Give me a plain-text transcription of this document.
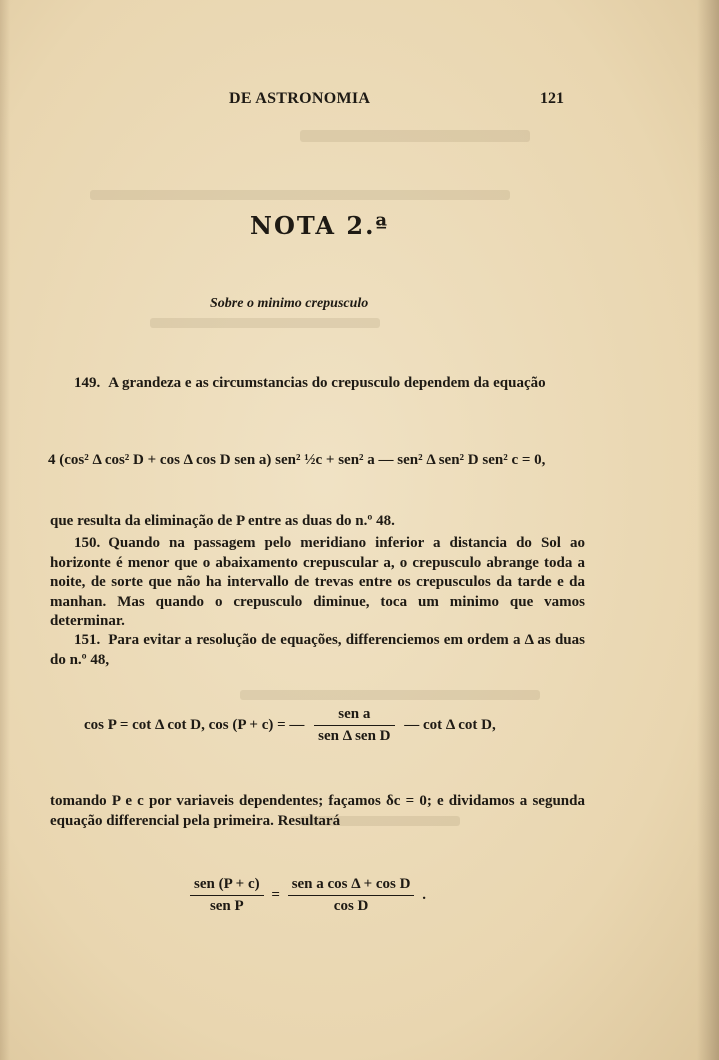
DE ASTRONOMIA	121
NOTA 2.ª
Sobre o minimo crepusculo
149. A grandeza e as circumstancias do crepusculo dependem da equação
4 (cos² Δ cos² D + cos Δ cos D sen a) sen² ½c + sen² a — sen² Δ sen² D sen² c = 0,
que resulta da eliminação de P entre as duas do n.º 48.
150. Quando na passagem pelo meridiano inferior a distancia do Sol ao horizonte é menor que o abaixamento crepuscular a, o crepusculo abrange toda a noite, de sorte que não ha intervallo de trevas entre os crepusculos da tarde e da manhan. Mas quando o crepusculo diminue, toca um minimo que vamos determinar.
151. Para evitar a resolução de equações, differenciemos em ordem a Δ as duas do n.º 48,
cos P = cot Δ cot D, cos (P + c) = — $\frac{\text{sen a}}{\text{sen Δ sen D}}$ — cot Δ cot D,
tomando P e c por variaveis dependentes; façamos δc = 0; e dividamos a segunda equação differencial pela primeira. Resultará
$\frac{\text{sen (P + c)}}{\text{sen P}} = \frac{\text{sen a cos Δ + cos D}}{\text{cos D}}$ .
